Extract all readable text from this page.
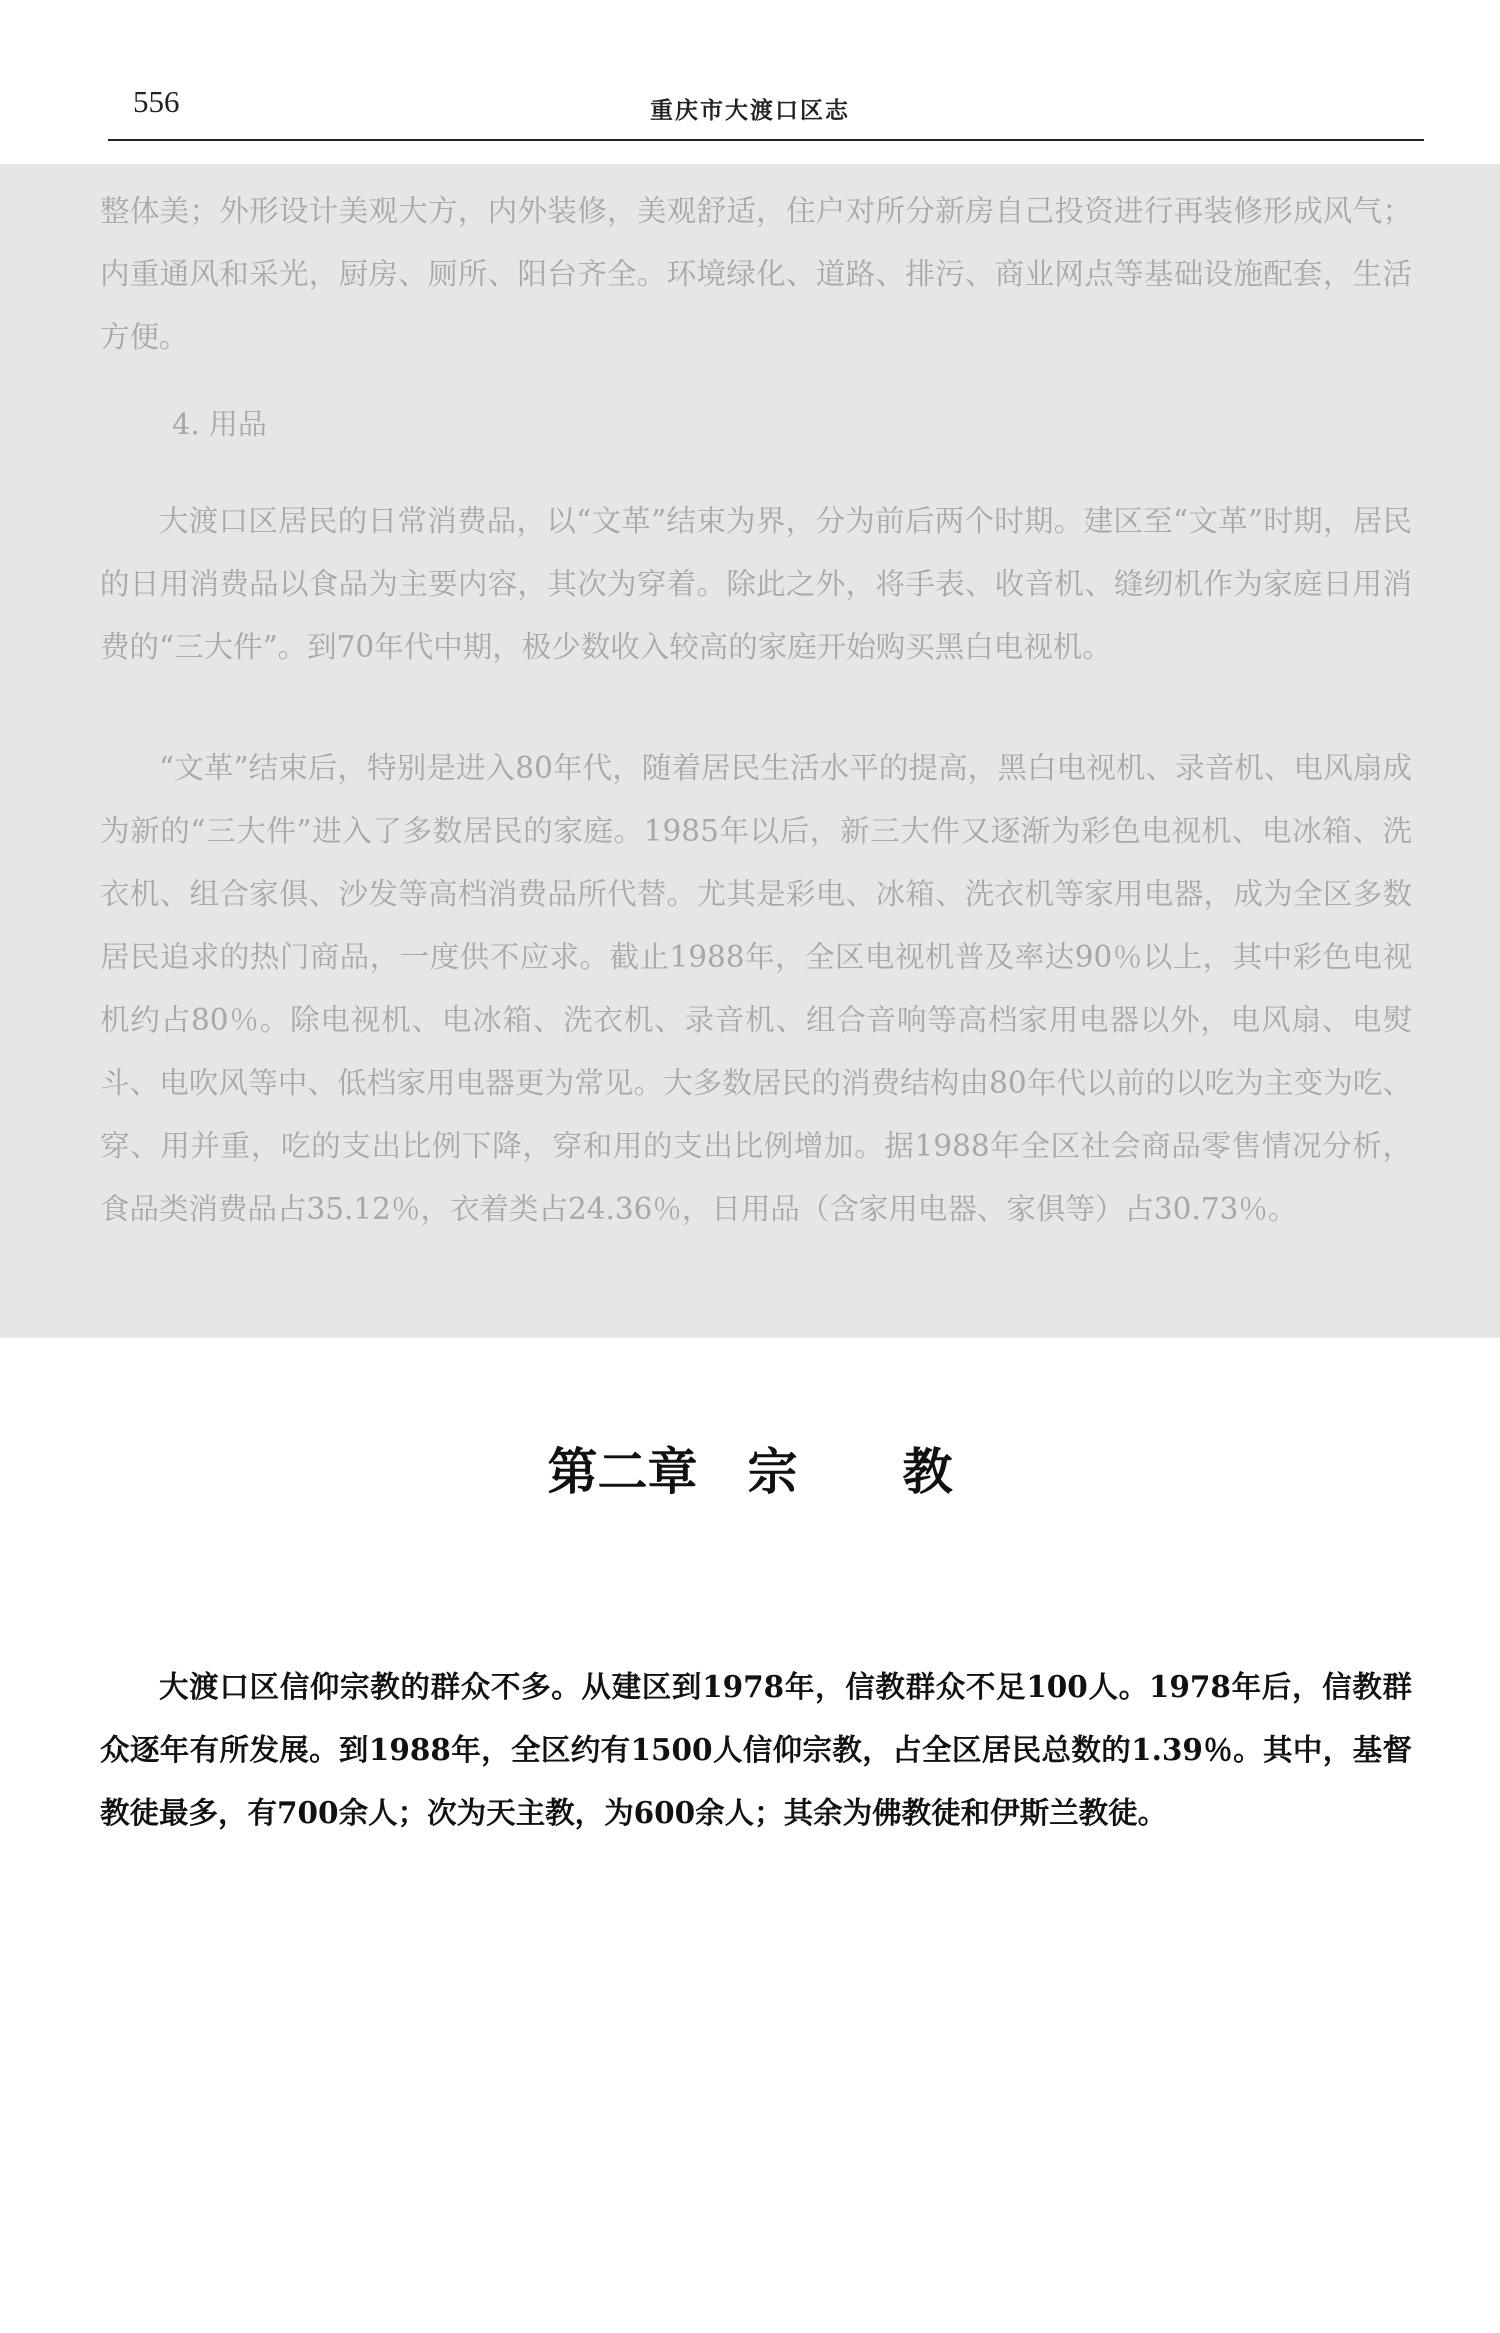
556	重庆市大渡口区志

整体美；外形设计美观大方，内外装修，美观舒适，住户对所分新房自己投资进行再装修形成风气；内重通风和采光，厨房、厕所、阳台齐全。环境绿化、道路、排污、商业网点等基础设施配套，生活方便。

4. 用品

大渡口区居民的日常消费品，以“文革”结束为界，分为前后两个时期。建区至“文革”时期，居民的日用消费品以食品为主要内容，其次为穿着。除此之外，将手表、收音机、缝纫机作为家庭日用消费的“三大件”。到70年代中期，极少数收入较高的家庭开始购买黑白电视机。

“文革”结束后，特别是进入80年代，随着居民生活水平的提高，黑白电视机、录音机、电风扇成为新的“三大件”进入了多数居民的家庭。1985年以后，新三大件又逐渐为彩色电视机、电冰箱、洗衣机、组合家俱、沙发等高档消费品所代替。尤其是彩电、冰箱、洗衣机等家用电器，成为全区多数居民追求的热门商品，一度供不应求。截止1988年，全区电视机普及率达90％以上，其中彩色电视机约占80％。除电视机、电冰箱、洗衣机、录音机、组合音响等高档家用电器以外，电风扇、电熨斗、电吹风等中、低档家用电器更为常见。大多数居民的消费结构由80年代以前的以吃为主变为吃、穿、用并重，吃的支出比例下降，穿和用的支出比例增加。据1988年全区社会商品零售情况分析，食品类消费品占35.12％，衣着类占24.36％，日用品（含家用电器、家俱等）占30.73％。

第二章 宗 教

大渡口区信仰宗教的群众不多。从建区到1978年，信教群众不足100人。1978年后，信教群众逐年有所发展。到1988年，全区约有1500人信仰宗教，占全区居民总数的1.39％。其中，基督教徒最多，有700余人；次为天主教，为600余人；其余为佛教徒和伊斯兰教徒。
